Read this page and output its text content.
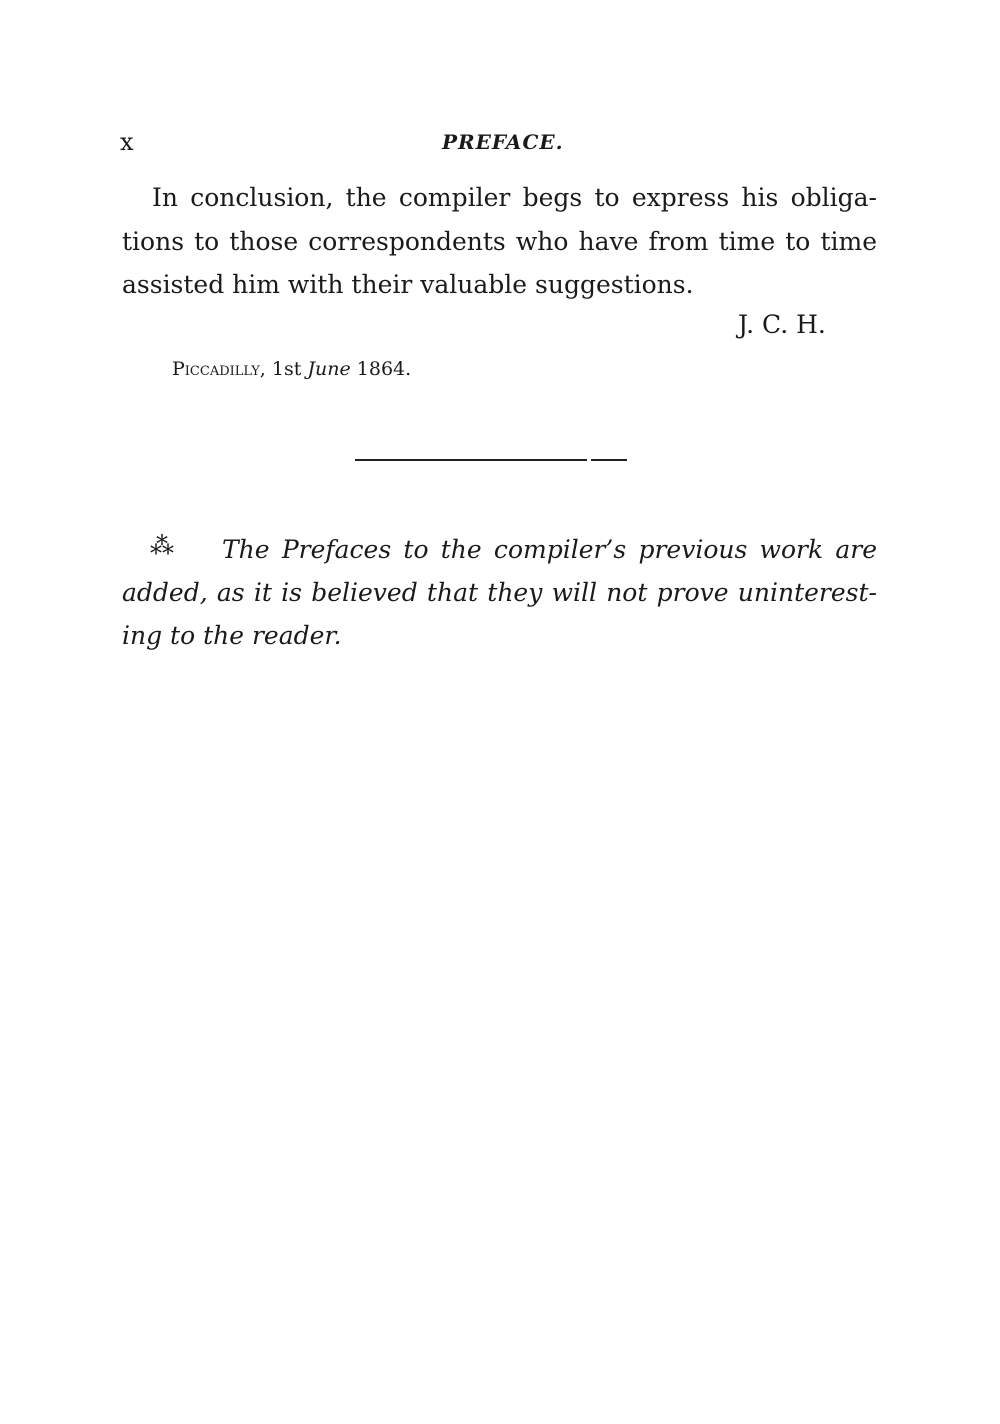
x	PREFACE.
In conclusion, the compiler begs to express his obliga-
tions to those correspondents who have from time to time
assisted him with their valuable suggestions.
J. C. H.
Piccadilly, 1st June 1864.
⁂ The Prefaces to the compiler’s previous work are
added, as it is believed that they will not prove uninterest-
ing to the reader.
